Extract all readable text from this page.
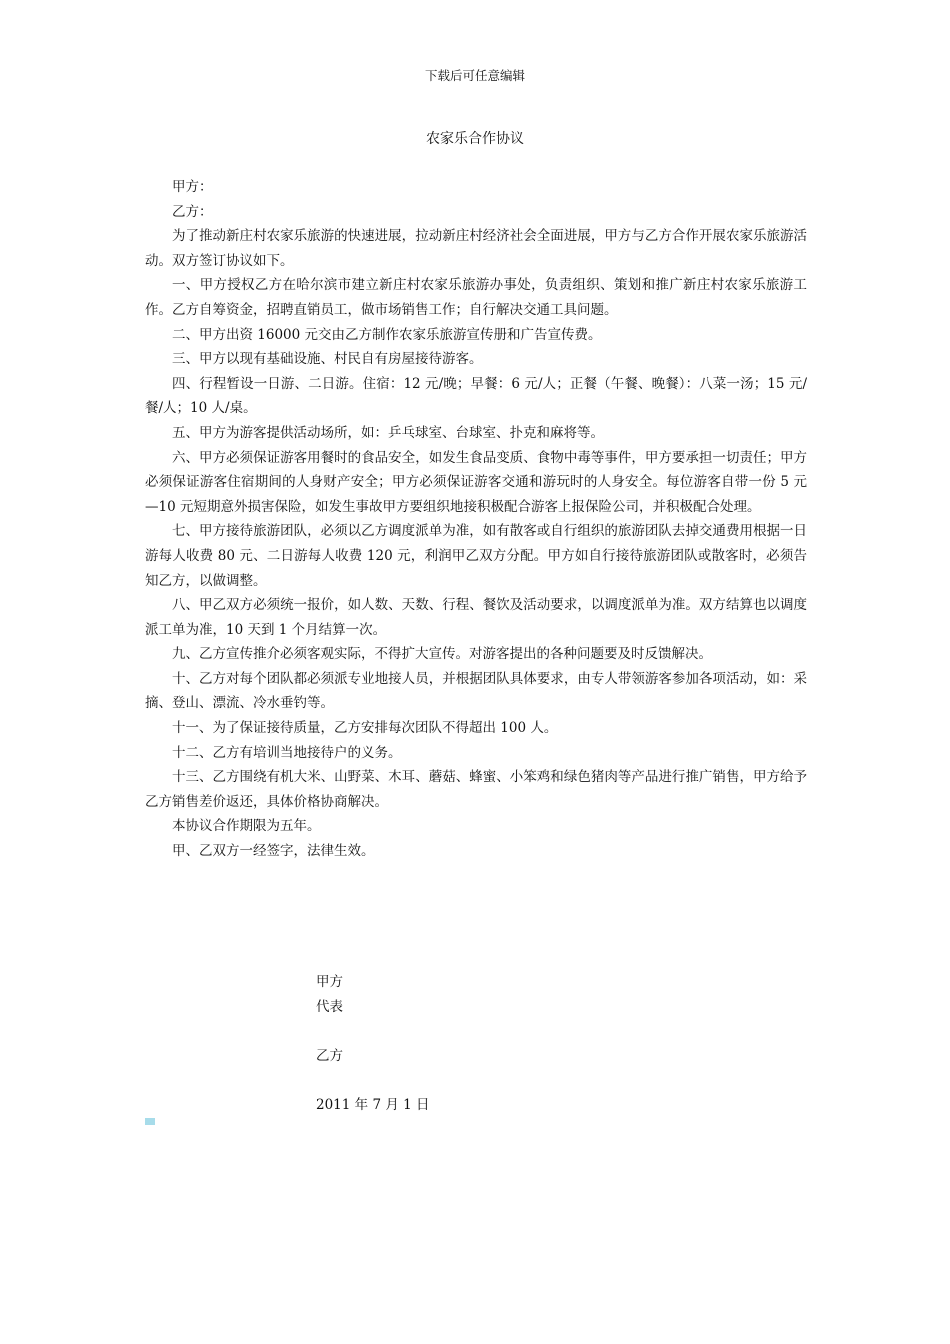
下载后可任意编辑
农家乐合作协议

甲方：

乙方：

为了推动新庄村农家乐旅游的快速进展，拉动新庄村经济社会全面进展，甲方与乙方合作开展农家乐旅游活动。双方签订协议如下。

一、甲方授权乙方在哈尔滨市建立新庄村农家乐旅游办事处，负责组织、策划和推广新庄村农家乐旅游工作。乙方自筹资金，招聘直销员工，做市场销售工作；自行解决交通工具问题。

二、甲方出资 16000 元交由乙方制作农家乐旅游宣传册和广告宣传费。

三、甲方以现有基础设施、村民自有房屋接待游客。

四、行程暂设一日游、二日游。住宿：12 元/晚；早餐：6 元/人；正餐（午餐、晚餐）：八菜一汤；15 元/餐/人；10 人/桌。

五、甲方为游客提供活动场所，如：乒乓球室、台球室、扑克和麻将等。

六、甲方必须保证游客用餐时的食品安全，如发生食品变质、食物中毒等事件，甲方要承担一切责任；甲方必须保证游客住宿期间的人身财产安全；甲方必须保证游客交通和游玩时的人身安全。每位游客自带一份 5 元—10 元短期意外损害保险，如发生事故甲方要组织地接积极配合游客上报保险公司，并积极配合处理。

七、甲方接待旅游团队，必须以乙方调度派单为准，如有散客或自行组织的旅游团队去掉交通费用根据一日游每人收费 80 元、二日游每人收费 120 元，利润甲乙双方分配。甲方如自行接待旅游团队或散客时，必须告知乙方，以做调整。

八、甲乙双方必须统一报价，如人数、天数、行程、餐饮及活动要求，以调度派单为准。双方结算也以调度派工单为准，10 天到 1 个月结算一次。

九、乙方宣传推介必须客观实际，不得扩大宣传。对游客提出的各种问题要及时反馈解决。

十、乙方对每个团队都必须派专业地接人员，并根据团队具体要求，由专人带领游客参加各项活动，如：采摘、登山、漂流、冷水垂钓等。

十一、为了保证接待质量，乙方安排每次团队不得超出 100 人。

十二、乙方有培训当地接待户的义务。

十三、乙方围绕有机大米、山野菜、木耳、蘑菇、蜂蜜、小笨鸡和绿色猪肉等产品进行推广销售，甲方给予乙方销售差价返还，具体价格协商解决。

本协议合作期限为五年。

甲、乙双方一经签字，法律生效。

甲方
代表
乙方
2011 年 7 月 1 日
